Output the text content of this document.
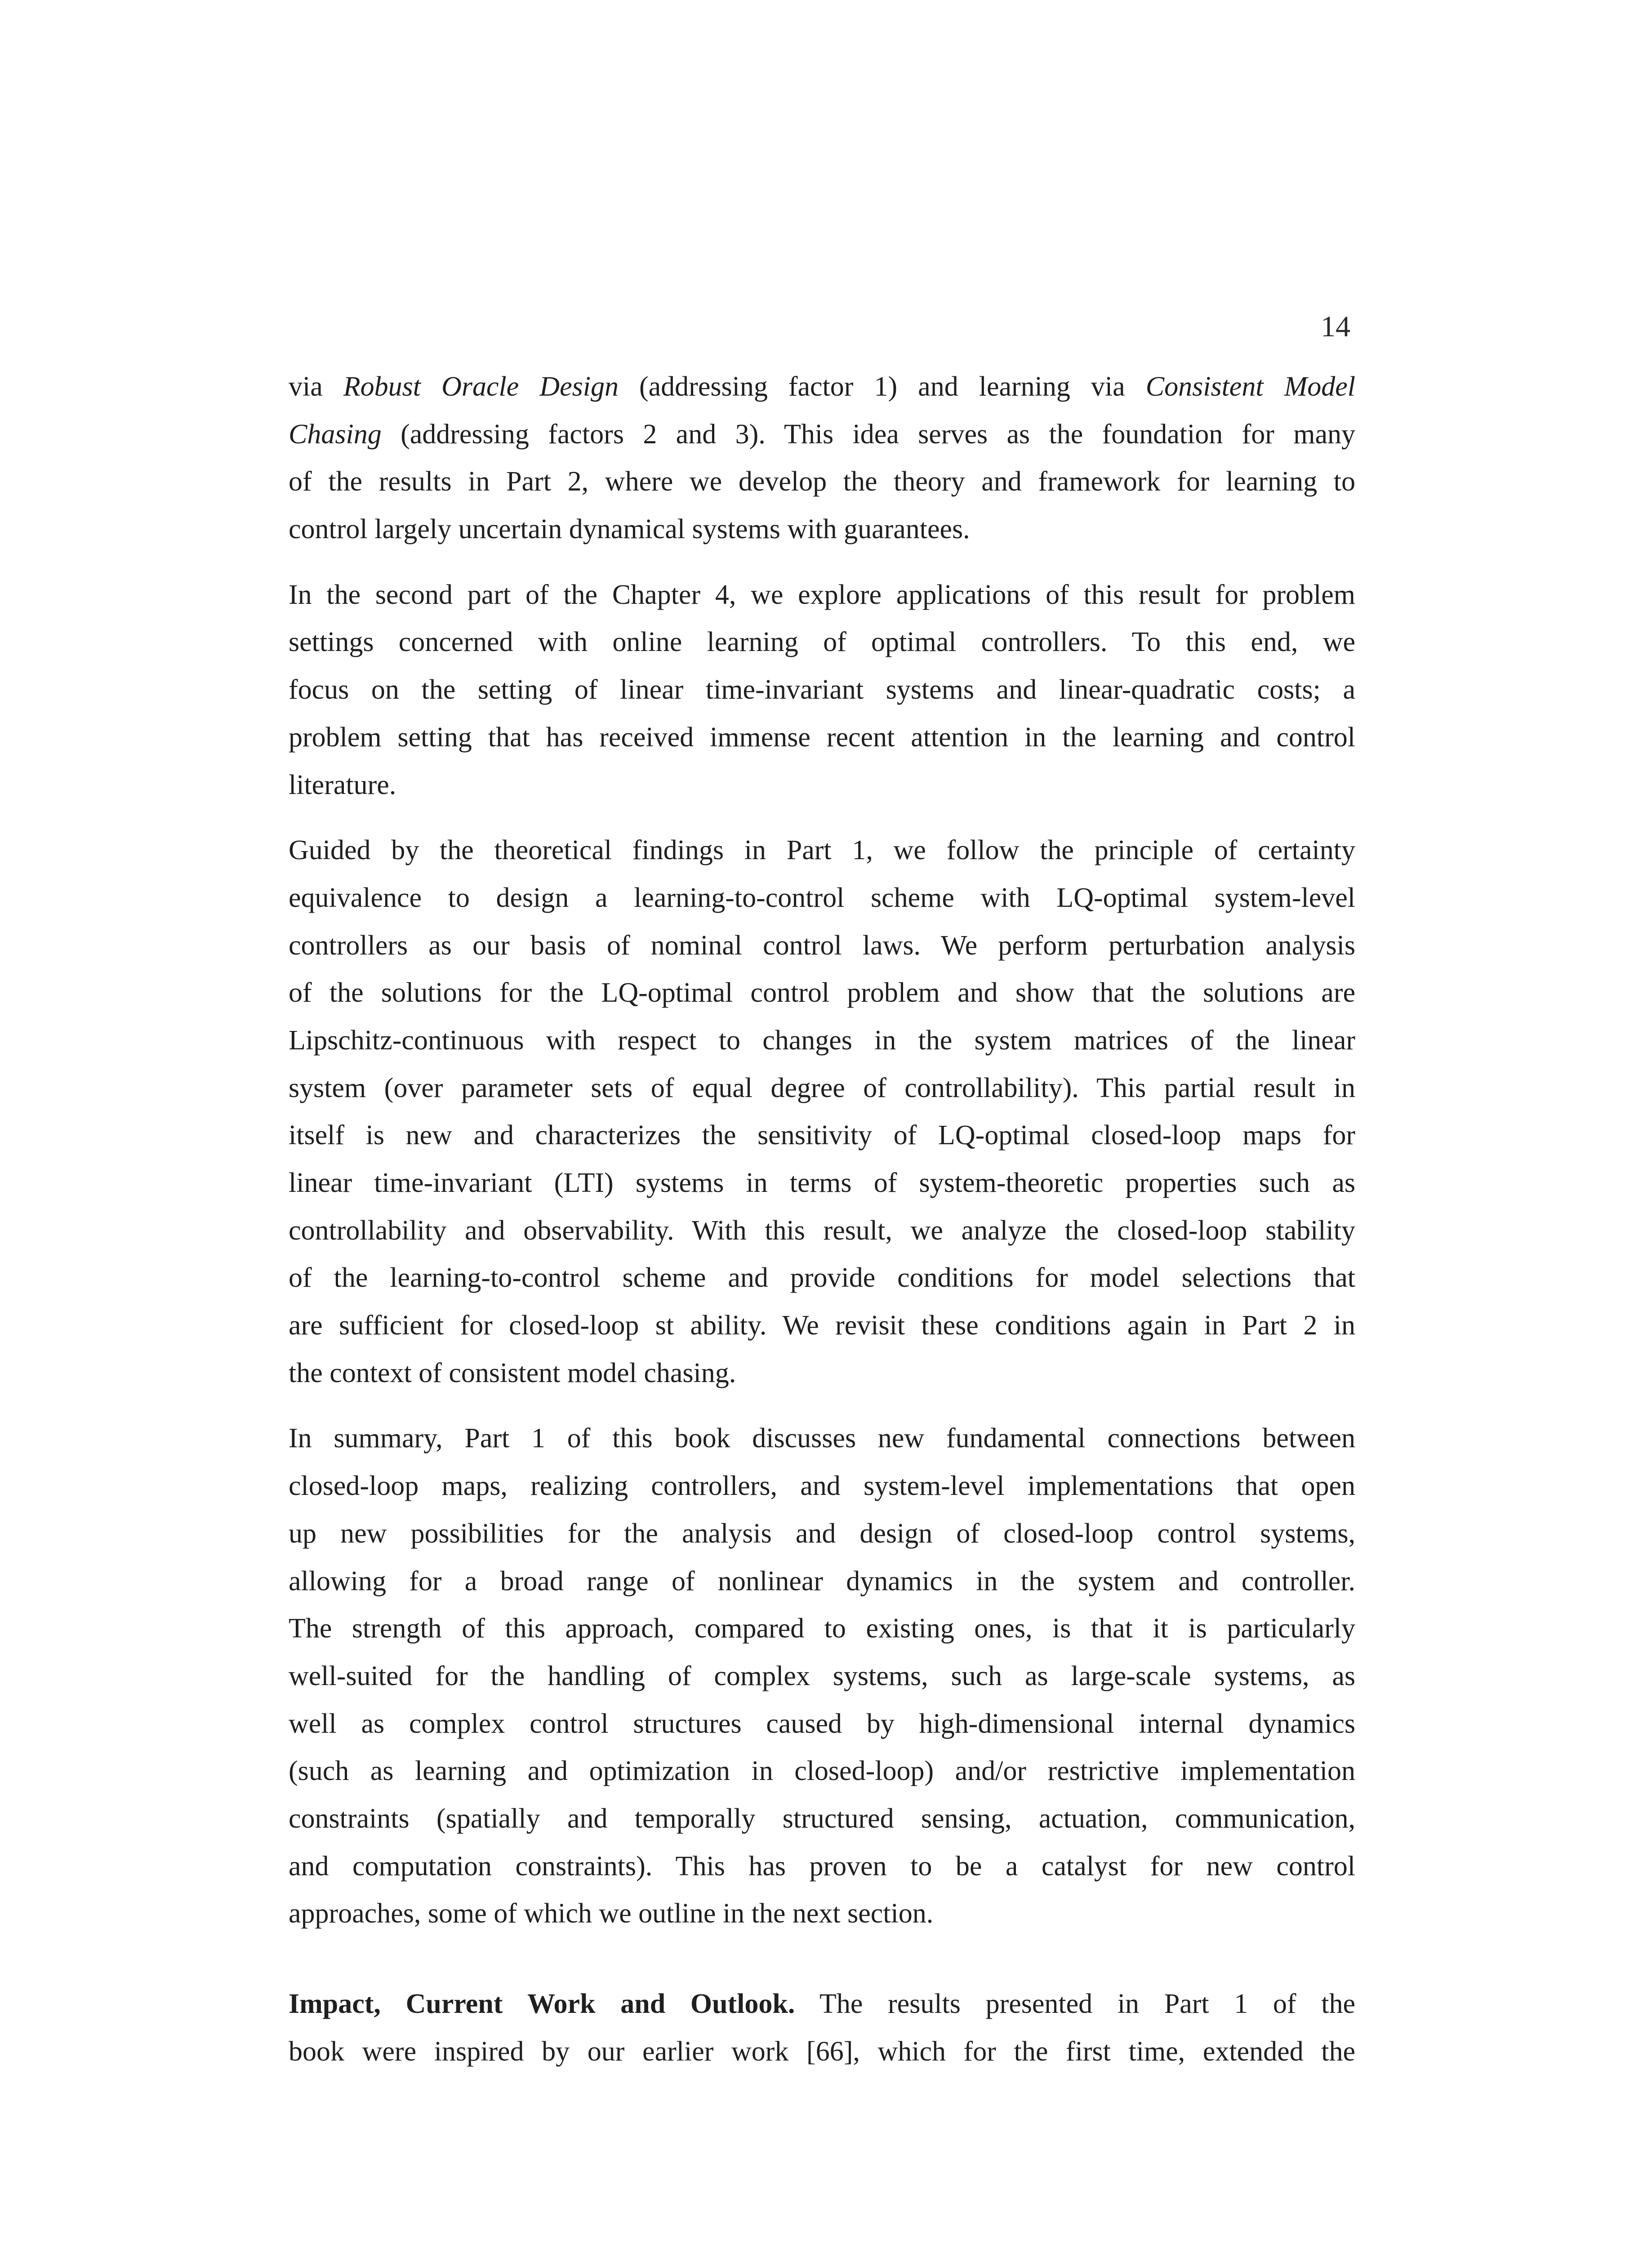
14
via Robust Oracle Design (addressing factor 1) and learning via Consistent Model
Chasing (addressing factors 2 and 3). This idea serves as the foundation for many
of the results in Part 2, where we develop the theory and framework for learning to
control largely uncertain dynamical systems with guarantees.
In the second part of the Chapter 4, we explore applications of this result for problem
settings concerned with online learning of optimal controllers. To this end, we
focus on the setting of linear time-invariant systems and linear-quadratic costs; a
problem setting that has received immense recent attention in the learning and control
literature.
Guided by the theoretical findings in Part 1, we follow the principle of certainty
equivalence to design a learning-to-control scheme with LQ-optimal system-level
controllers as our basis of nominal control laws. We perform perturbation analysis
of the solutions for the LQ-optimal control problem and show that the solutions are
Lipschitz-continuous with respect to changes in the system matrices of the linear
system (over parameter sets of equal degree of controllability). This partial result in
itself is new and characterizes the sensitivity of LQ-optimal closed-loop maps for
linear time-invariant (LTI) systems in terms of system-theoretic properties such as
controllability and observability. With this result, we analyze the closed-loop stability
of the learning-to-control scheme and provide conditions for model selections that
are sufficient for closed-loop st ability. We revisit these conditions again in Part 2 in
the context of consistent model chasing.
In summary, Part 1 of this book discusses new fundamental connections between
closed-loop maps, realizing controllers, and system-level implementations that open
up new possibilities for the analysis and design of closed-loop control systems,
allowing for a broad range of nonlinear dynamics in the system and controller.
The strength of this approach, compared to existing ones, is that it is particularly
well-suited for the handling of complex systems, such as large-scale systems, as
well as complex control structures caused by high-dimensional internal dynamics
(such as learning and optimization in closed-loop) and/or restrictive implementation
constraints (spatially and temporally structured sensing, actuation, communication,
and computation constraints). This has proven to be a catalyst for new control
approaches, some of which we outline in the next section.
Impact, Current Work and Outlook. The results presented in Part 1 of the
book were inspired by our earlier work [66], which for the first time, extended the
